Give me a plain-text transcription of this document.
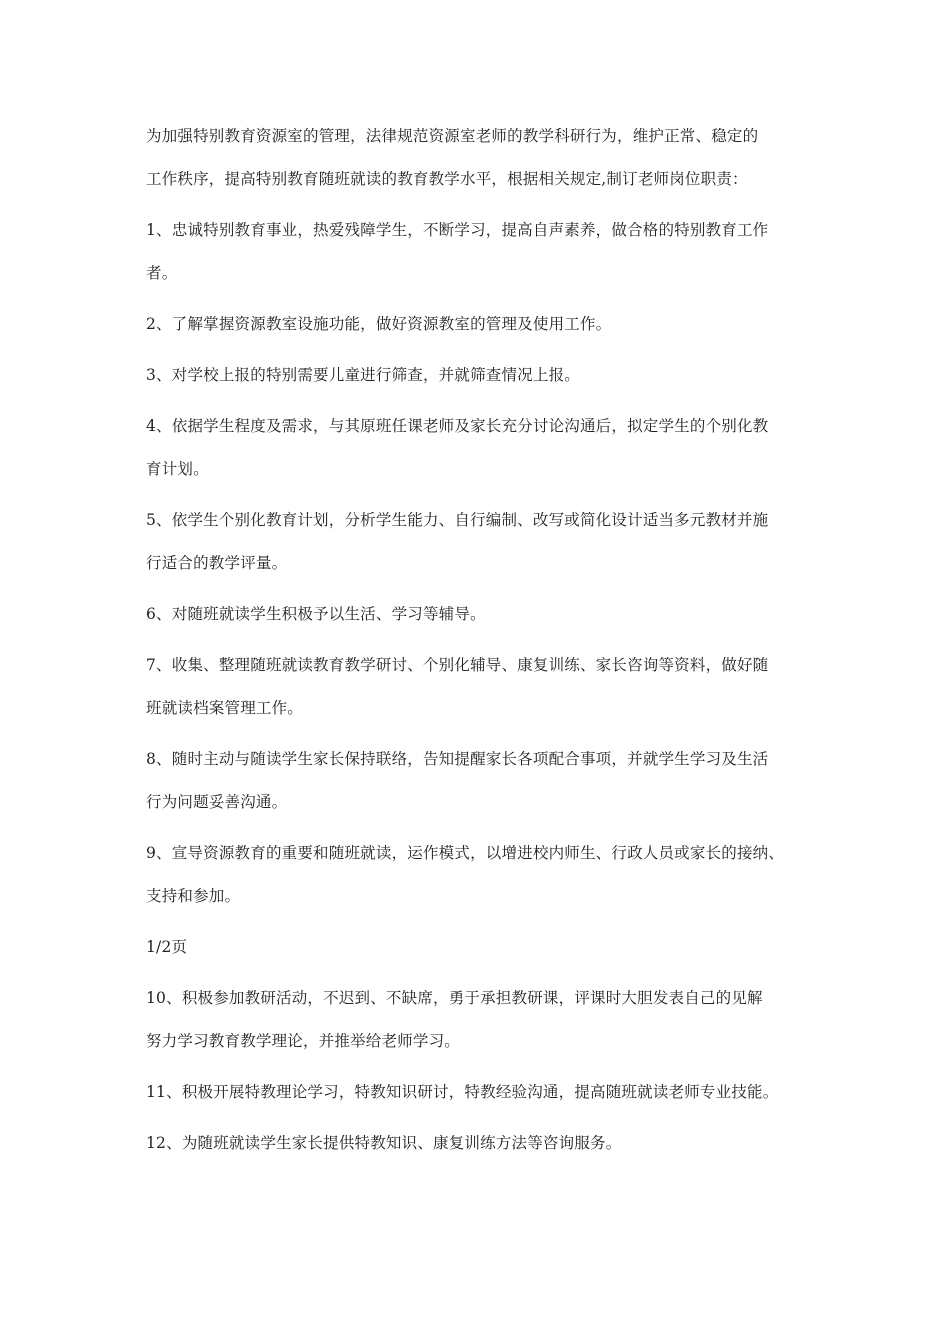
为加强特别教育资源室的管理，法律规范资源室老师的教学科研行为，维护正常、稳定的
工作秩序，提高特别教育随班就读的教育教学水平，根据相关规定,制订老师岗位职责：
1、忠诚特别教育事业，热爱残障学生，不断学习，提高自声素养，做合格的特别教育工作
者。
2、了解掌握资源教室设施功能，做好资源教室的管理及使用工作。
3、对学校上报的特别需要儿童进行筛查，并就筛查情况上报。
4、依据学生程度及需求，与其原班任课老师及家长充分讨论沟通后，拟定学生的个别化教
育计划。
5、依学生个别化教育计划，分析学生能力、自行编制、改写或简化设计适当多元教材并施
行适合的教学评量。
6、对随班就读学生积极予以生活、学习等辅导。
7、收集、整理随班就读教育教学研讨、个别化辅导、康复训练、家长咨询等资料，做好随
班就读档案管理工作。
8、随时主动与随读学生家长保持联络，告知提醒家长各项配合事项，并就学生学习及生活
行为问题妥善沟通。
9、宣导资源教育的重要和随班就读，运作模式，以增进校内师生、行政人员或家长的接纳、
支持和参加。
1/2页
10、积极参加教研活动，不迟到、不缺席，勇于承担教研课，评课时大胆发表自己的见解
努力学习教育教学理论，并推举给老师学习。
11、积极开展特教理论学习，特教知识研讨，特教经验沟通，提高随班就读老师专业技能。
12、为随班就读学生家长提供特教知识、康复训练方法等咨询服务。
